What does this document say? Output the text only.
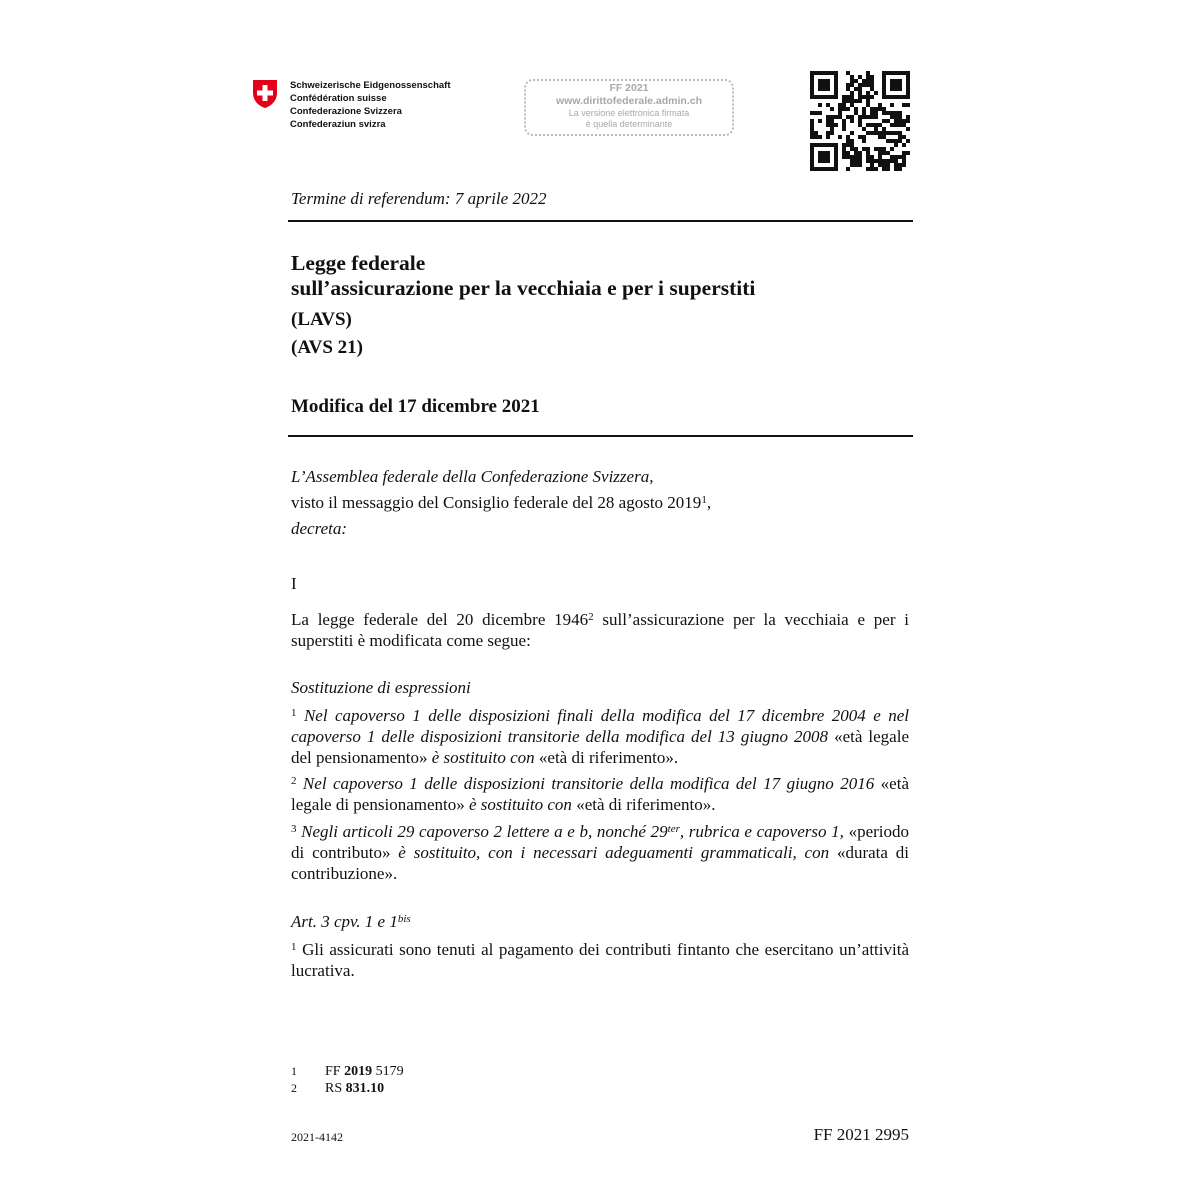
Schweizerische Eidgenossenschaft
Confédération suisse
Confederazione Svizzera
Confederaziun svizra
FF 2021
www.dirittofederale.admin.ch
La versione elettronica firmata
è quella determinante
Termine di referendum: 7 aprile 2022
Legge federale
sull’assicurazione per la vecchiaia e per i superstiti
(LAVS)
(AVS 21)
Modifica del 17 dicembre 2021
L’Assemblea federale della Confederazione Svizzera,
visto il messaggio del Consiglio federale del 28 agosto 2019$^1$,
decreta:
I
La legge federale del 20 dicembre 1946$^2$ sull’assicurazione per la vecchiaia e per i superstiti è modificata come segue:
Sostituzione di espressioni
$^1$ Nel capoverso 1 delle disposizioni finali della modifica del 17 dicembre 2004 e nel capoverso 1 delle disposizioni transitorie della modifica del 13 giugno 2008 «età legale del pensionamento» è sostituito con «età di riferimento».
$^2$ Nel capoverso 1 delle disposizioni transitorie della modifica del 17 giugno 2016 «età legale di pensionamento» è sostituito con «età di riferimento».
$^3$ Negli articoli 29 capoverso 2 lettere a e b, nonché $29^{ter}$, rubrica e capoverso 1, «periodo di contributo» è sostituito, con i necessari adeguamenti grammaticali, con «durata di contribuzione».
Art. 3 cpv. 1 e $1^{bis}$
$^1$ Gli assicurati sono tenuti al pagamento dei contributi fintanto che esercitano un’attività lucrativa.
1 FF 2019 5179
2 RS 831.10
2021-4142	FF 2021 2995
